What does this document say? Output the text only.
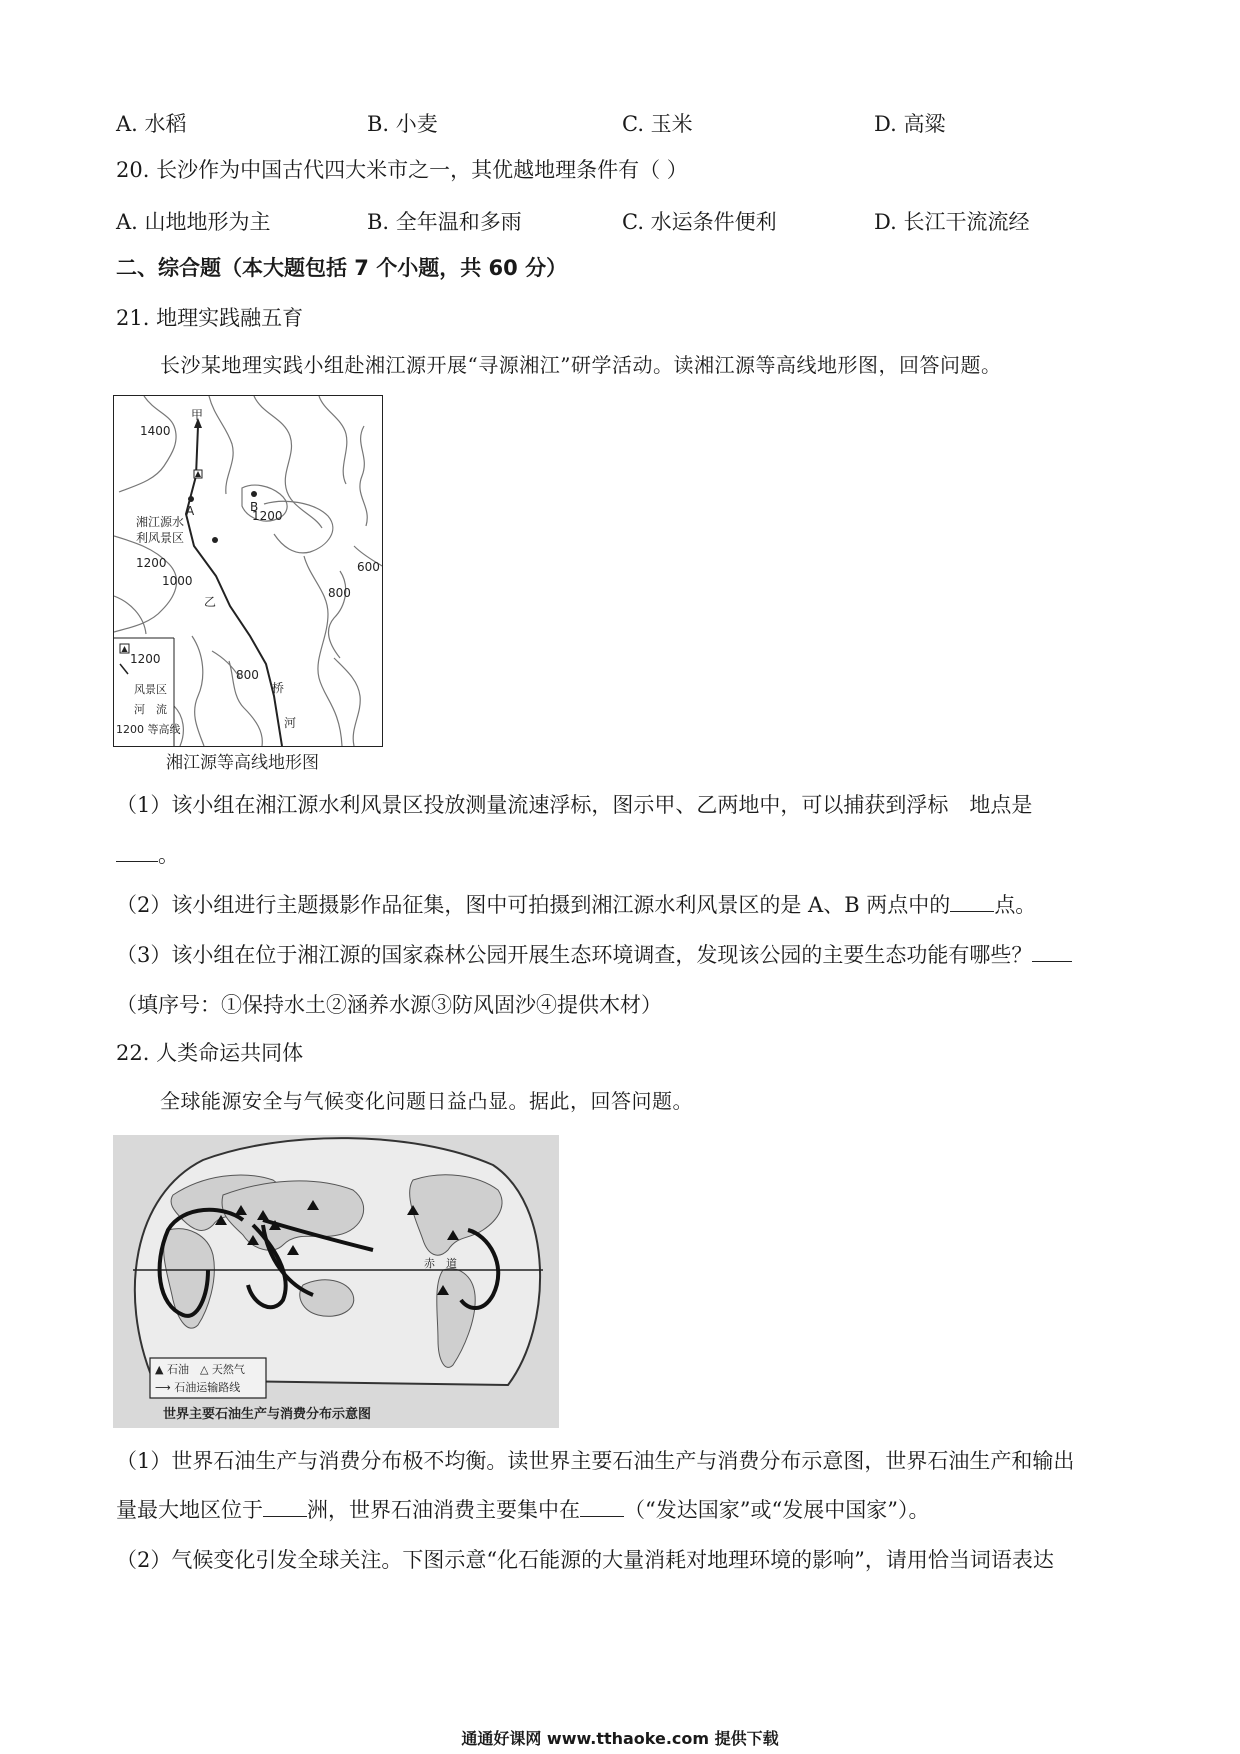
A. 水稻	B. 小麦	C. 玉米	D. 高粱
20. 长沙作为中国古代四大米市之一，其优越地理条件有（ ）
A. 山地地形为主	B. 全年温和多雨	C. 水运条件便利	D. 长江干流流经
二、综合题（本大题包括 7 个小题，共 60 分）
21. 地理实践融五育
长沙某地理实践小组赴湘江源开展“寻源湘江”研学活动。读湘江源等高线地形图，回答问题。
甲
1400
湘江源水
利风景区
1200
B
A
1200
1000
乙
600
800
1200
800
桥
河
风景区
河　流
1200 等高线
湘江源等高线地形图
（1）该小组在湘江源水利风景区投放测量流速浮标，图示甲、乙两地中，可以捕获到浮标　地点是
。
（2）该小组进行主题摄影作品征集，图中可拍摄到湘江源水利风景区的是 A、B 两点中的 点。
（3）该小组在位于湘江源的国家森林公园开展生态环境调查，发现该公园的主要生态功能有哪些？
（填序号：①保持水土②涵养水源③防风固沙④提供木材）
22. 人类命运共同体
全球能源安全与气候变化问题日益凸显。据此，回答问题。
赤　道
▲ 石油　△ 天然气
⟶ 石油运输路线
世界主要石油生产与消费分布示意图
（1）世界石油生产与消费分布极不均衡。读世界主要石油生产与消费分布示意图，世界石油生产和输出
量最大地区位于 洲，世界石油消费主要集中在 （“发达国家”或“发展中国家”）。
（2）气候变化引发全球关注。下图示意“化石能源的大量消耗对地理环境的影响”，请用恰当词语表达
通通好课网 www.tthaoke.com 提供下载
